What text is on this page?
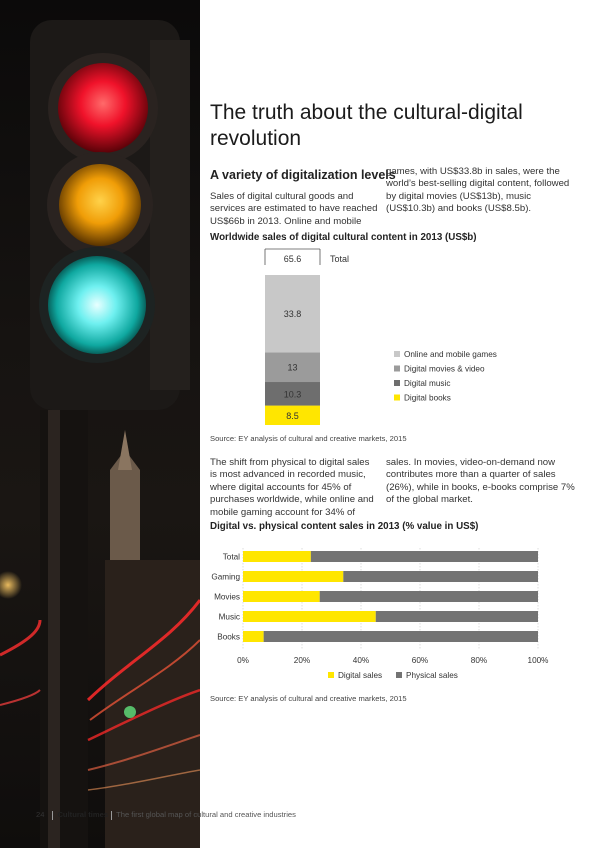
The truth about the cultural-digital revolution
A variety of digitalization levels

Sales of digital cultural goods and services are estimated to have reached US$66b in 2013. Online and mobile

games, with US$33.8b in sales, were the world’s best-selling digital content, followed by digital movies (US$13b), music (US$10.3b) and books (US$8.5b).

Worldwide sales of digital cultural content in 2013 (US$b)
65.6	Total
8.5
10.3
13
33.8
Online and mobile games
Digital movies & video
Digital music
Digital books
Source: EY analysis of cultural and creative markets, 2015

The shift from physical to digital sales is most advanced in recorded music, where digital accounts for 45% of purchases worldwide, while online and mobile gaming account for 34% of

sales. In movies, video-on-demand now contributes more than a quarter of sales (26%), while in books, e-books comprise 7% of the global market.

Digital vs. physical content sales in 2013 (% value in US$)
Total
Gaming
Movies
Music
Books
0%	20%	40%	60%	80%	100%
Digital sales	Physical sales
Source: EY analysis of cultural and creative markets, 2015
24 Cultural times The first global map of cultural and creative industries
